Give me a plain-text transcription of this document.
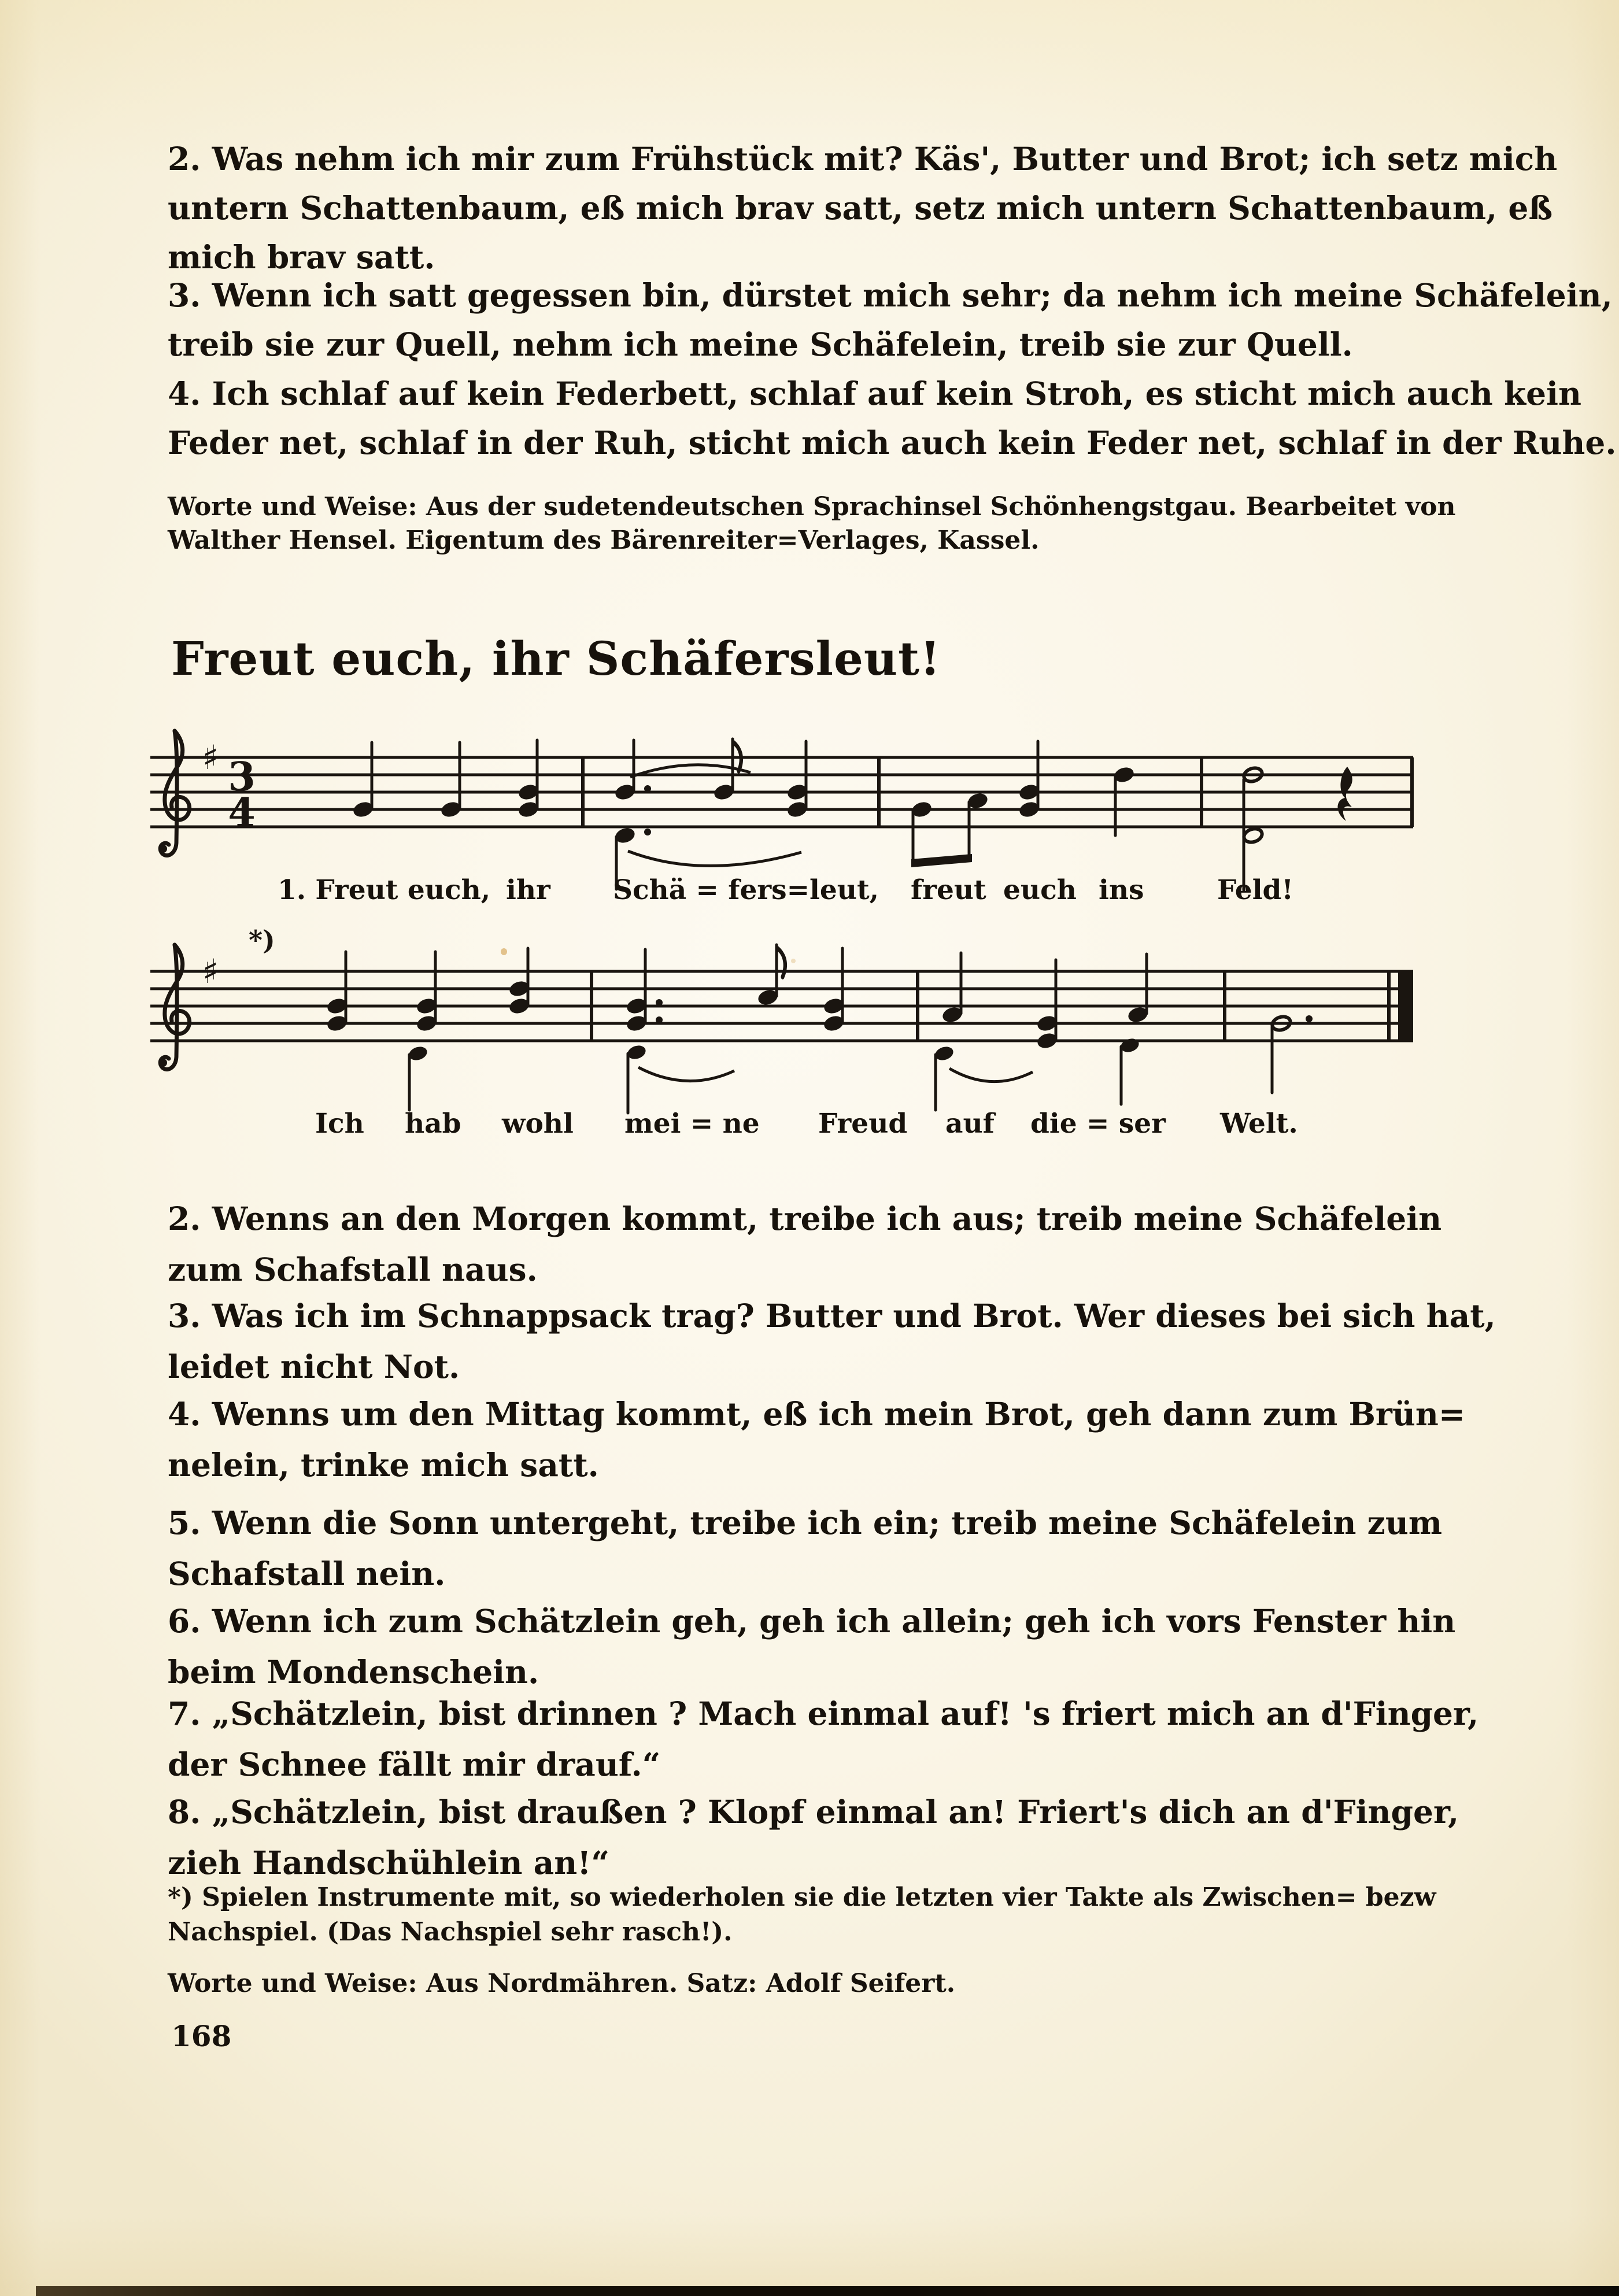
2. Was nehm ich mir zum Frühstück mit? Käs', Butter und Brot; ich setz mich
untern Schattenbaum, eß mich brav satt, setz mich untern Schattenbaum, eß
mich brav satt.
3. Wenn ich satt gegessen bin, dürstet mich sehr; da nehm ich meine Schäfelein,
treib sie zur Quell, nehm ich meine Schäfelein, treib sie zur Quell.
4. Ich schlaf auf kein Federbett, schlaf auf kein Stroh, es sticht mich auch kein
Feder net, schlaf in der Ruh, sticht mich auch kein Feder net, schlaf in der Ruhe.
Worte und Weise: Aus der sudetendeutschen Sprachinsel Schönhengstgau. Bearbeitet von
Walther Hensel. Eigentum des Bärenreiter=Verlages, Kassel.
Freut euch, ihr Schäfersleut!
♯ 3
4
1. Freut euch, ihr Schä = fers=leut, freut euch ins	Feld!
*)
♯
Ich hab wohl mei = ne Freud auf die = ser Welt.
2. Wenns an den Morgen kommt, treibe ich aus; treib meine Schäfelein
zum Schafstall naus.
3. Was ich im Schnappsack trag? Butter und Brot. Wer dieses bei sich hat,
leidet nicht Not.
4. Wenns um den Mittag kommt, eß ich mein Brot, geh dann zum Brün=
nelein, trinke mich satt.
5. Wenn die Sonn untergeht, treibe ich ein; treib meine Schäfelein zum
Schafstall nein.
6. Wenn ich zum Schätzlein geh, geh ich allein; geh ich vors Fenster hin
beim Mondenschein.
7. „Schätzlein, bist drinnen ? Mach einmal auf! 's friert mich an d'Finger,
der Schnee fällt mir drauf.“
8. „Schätzlein, bist draußen ? Klopf einmal an! Friert's dich an d'Finger,
zieh Handschühlein an!“
*) Spielen Instrumente mit, so wiederholen sie die letzten vier Takte als Zwischen= bezw
Nachspiel. (Das Nachspiel sehr rasch!).
Worte und Weise: Aus Nordmähren. Satz: Adolf Seifert.
168
